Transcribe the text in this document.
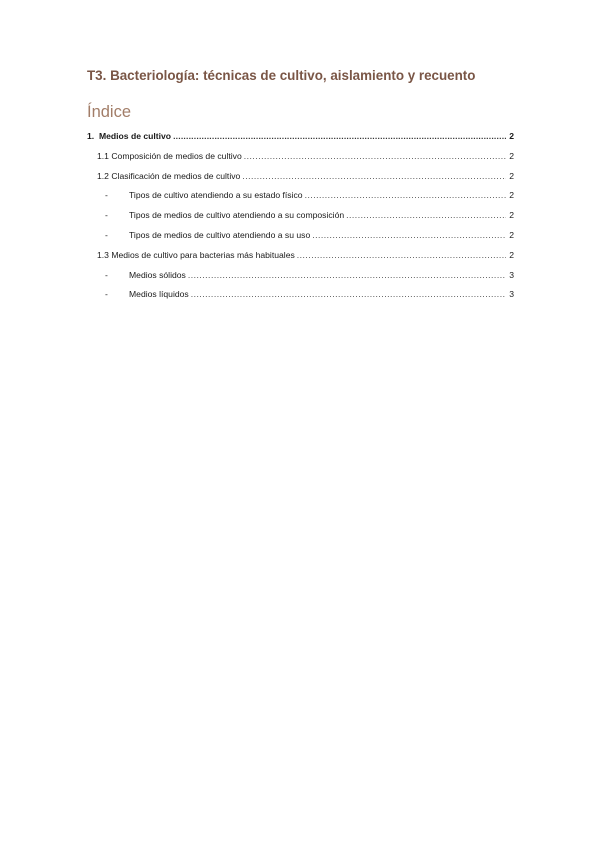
T3. Bacteriología: técnicas de cultivo, aislamiento y recuento
Índice
1. Medios de cultivo .....	2
1.1 Composición de medios de cultivo .....	2
1.2 Clasificación de medios de cultivo .....	2
-	Tipos de cultivo atendiendo a su estado físico .....	2
-	Tipos de medios de cultivo atendiendo a su composición .....	2
-	Tipos de medios de cultivo atendiendo a su uso .....	2
1.3 Medios de cultivo para bacterias más habituales .....	2
-	Medios sólidos .....	3
-	Medios líquidos .....	3
